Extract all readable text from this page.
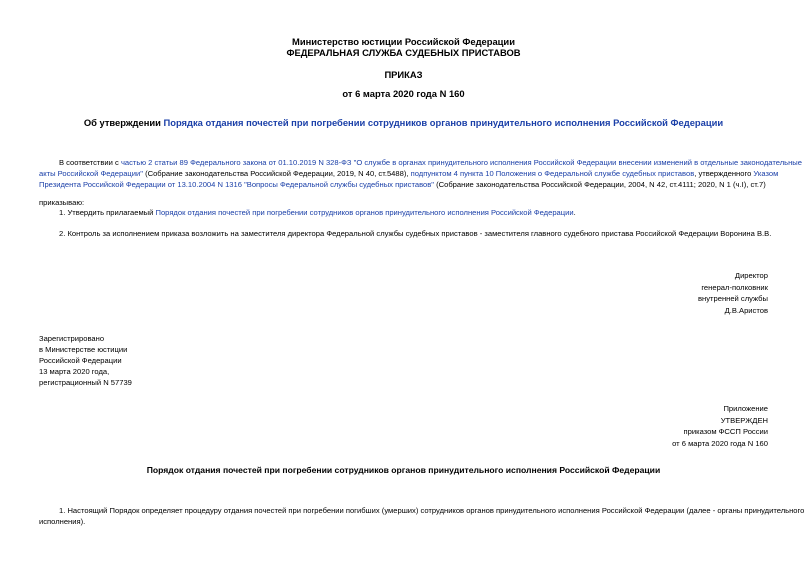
Министерство юстиции Российской Федерации
ФЕДЕРАЛЬНАЯ СЛУЖБА СУДЕБНЫХ ПРИСТАВОВ
ПРИКАЗ
от 6 марта 2020 года N 160
Об утверждении Порядка отдания почестей при погребении сотрудников органов принудительного исполнения Российской Федерации
В соответствии с частью 2 статьи 89 Федерального закона от 01.10.2019 N 328-ФЗ "О службе в органах принудительного исполнения Российской Федерации внесении изменений в отдельные законодательные
акты Российской Федерации" (Собрание законодательства Российской Федерации, 2019, N 40, ст.5488), подпунктом 4 пункта 10 Положения о Федеральной службе судебных приставов, утвержденного Указом
Президента Российской Федерации от 13.10.2004 N 1316 "Вопросы Федеральной службы судебных приставов" (Собрание законодательства Российской Федерации, 2004, N 42, ст.4111; 2020, N 1 (ч.I), ст.7)
приказываю:
1. Утвердить прилагаемый Порядок отдания почестей при погребении сотрудников органов принудительного исполнения Российской Федерации.
2. Контроль за исполнением приказа возложить на заместителя директора Федеральной службы судебных приставов - заместителя главного судебного пристава Российской Федерации Воронина В.В.
Директор
генерал-полковник
внутренней службы
Д.В.Аристов
Зарегистрировано
в Министерстве юстиции
Российской Федерации
13 марта 2020 года,
регистрационный N 57739
Приложение
УТВЕРЖДЕН
приказом ФССП России
от 6 марта 2020 года N 160
Порядок отдания почестей при погребении сотрудников органов принудительного исполнения Российской Федерации
1. Настоящий Порядок определяет процедуру отдания почестей при погребении погибших (умерших) сотрудников органов принудительного исполнения Российской Федерации (далее - органы принудительного
исполнения).
